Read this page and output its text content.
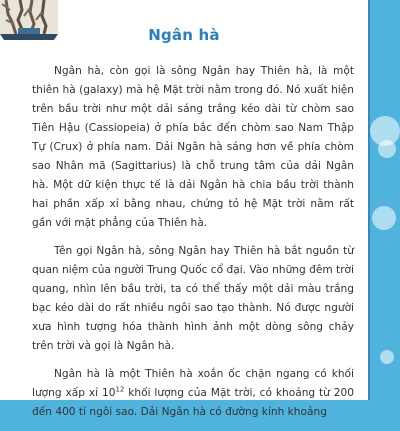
Ngân hà

Ngân hà, còn gọi là sông Ngân hay Thiên hà, là một thiên hà (galaxy) mà hệ Mặt trời nằm trong đó. Nó xuất hiện trên bầu trời như một dải sáng trắng kéo dài từ chòm sao Tiên Hậu (Cassiopeia) ở phía bắc đến chòm sao Nam Thập Tự (Crux) ở phía nam. Dải Ngân hà sáng hơn về phía chòm sao Nhân mã (Sagittarius) là chỗ trung tâm của dải Ngân hà. Một dữ kiện thực tế là dải Ngân hà chia bầu trời thành hai phần xấp xỉ bằng nhau, chứng tỏ hệ Mặt trời nằm rất gần với mặt phẳng của Thiên hà.

Tên gọi Ngân hà, sông Ngân hay Thiên hà bắt nguồn từ quan niệm của người Trung Quốc cổ đại. Vào những đêm trời quang, nhìn lên bầu trời, ta có thể thấy một dải màu trắng bạc kéo dài do rất nhiều ngôi sao tạo thành. Nó được người xưa hình tượng hóa thành hình ảnh một dòng sông chảy trên trời và gọi là Ngân hà.

Ngân hà là một Thiên hà xoắn ốc chặn ngang có khối lượng xấp xỉ $10^{12}$ khối lượng của Mặt trời, có khoảng từ 200 đến 400 tỉ ngôi sao. Dải Ngân hà có đường kính khoảng
